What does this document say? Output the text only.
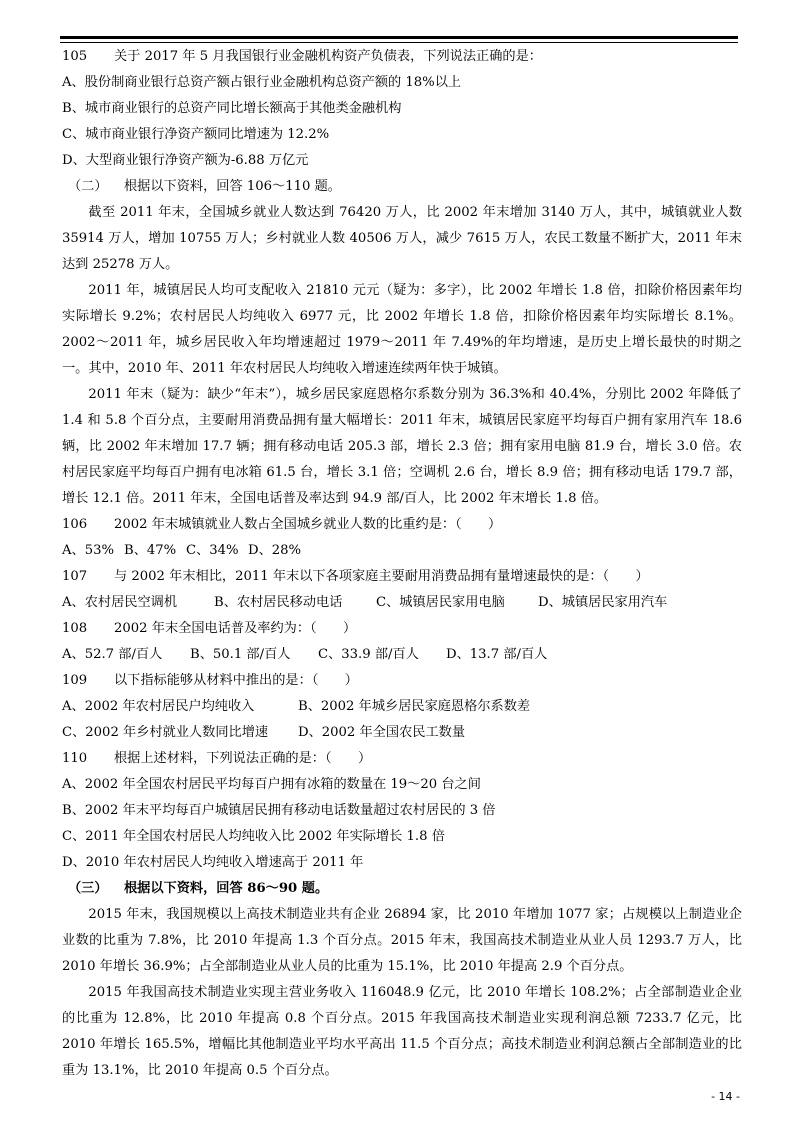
105 关于 2017 年 5 月我国银行业金融机构资产负债表，下列说法正确的是：
A、股份制商业银行总资产额占银行业金融机构总资产额的 18%以上
B、城市商业银行的总资产同比增长额高于其他类金融机构
C、城市商业银行净资产额同比增速为 12.2%
D、大型商业银行净资产额为-6.88 万亿元
（二） 根据以下资料，回答 106～110 题。
截至 2011 年末，全国城乡就业人数达到 76420 万人，比 2002 年末增加 3140 万人，其中，城镇就业人数 35914 万人，增加 10755 万人；乡村就业人数 40506 万人，减少 7615 万人，农民工数量不断扩大，2011 年末达到 25278 万人。
2011 年，城镇居民人均可支配收入 21810 元元（疑为：多字），比 2002 年增长 1.8 倍，扣除价格因素年均实际增长 9.2%；农村居民人均纯收入 6977 元，比 2002 年增长 1.8 倍，扣除价格因素年均实际增长 8.1%。2002～2011 年，城乡居民收入年均增速超过 1979～2011 年 7.49%的年均增速，是历史上增长最快的时期之一。其中，2010 年、2011 年农村居民人均纯收入增速连续两年快于城镇。
2011 年末（疑为：缺少“年末”），城乡居民家庭恩格尔系数分别为 36.3%和 40.4%，分别比 2002 年降低了 1.4 和 5.8 个百分点，主要耐用消费品拥有量大幅增长：2011 年末，城镇居民家庭平均每百户拥有家用汽车 18.6 辆，比 2002 年末增加 17.7 辆；拥有移动电话 205.3 部，增长 2.3 倍；拥有家用电脑 81.9 台，增长 3.0 倍。农村居民家庭平均每百户拥有电冰箱 61.5 台，增长 3.1 倍；空调机 2.6 台，增长 8.9 倍；拥有移动电话 179.7 部，增长 12.1 倍。2011 年末，全国电话普及率达到 94.9 部/百人，比 2002 年末增长 1.8 倍。
106 2002 年末城镇就业人数占全国城乡就业人数的比重约是：（　　）
A、53% B、47% C、34% D、28%
107 与 2002 年末相比，2011 年末以下各项家庭主要耐用消费品拥有量增速最快的是：（　　）
A、农村居民空调机	B、农村居民移动电话	C、城镇居民家用电脑	D、城镇居民家用汽车
108 2002 年末全国电话普及率约为：（　　）
A、52.7 部/百人 B、50.1 部/百人 C、33.9 部/百人 D、13.7 部/百人
109 以下指标能够从材料中推出的是：（　　）
A、2002 年农村居民户均纯收入	B、2002 年城乡居民家庭恩格尔系数差
C、2002 年乡村就业人数同比增速 D、2002 年全国农民工数量
110 根据上述材料，下列说法正确的是：（　　）
A、2002 年全国农村居民平均每百户拥有冰箱的数量在 19～20 台之间
B、2002 年末平均每百户城镇居民拥有移动电话数量超过农村居民的 3 倍
C、2011 年全国农村居民人均纯收入比 2002 年实际增长 1.8 倍
D、2010 年农村居民人均纯收入增速高于 2011 年
（三） 根据以下资料，回答 86～90 题。
2015 年末，我国规模以上高技术制造业共有企业 26894 家，比 2010 年增加 1077 家；占规模以上制造业企业数的比重为 7.8%，比 2010 年提高 1.3 个百分点。2015 年末，我国高技术制造业从业人员 1293.7 万人，比 2010 年增长 36.9%；占全部制造业从业人员的比重为 15.1%，比 2010 年提高 2.9 个百分点。
2015 年我国高技术制造业实现主营业务收入 116048.9 亿元，比 2010 年增长 108.2%；占全部制造业企业的比重为 12.8%，比 2010 年提高 0.8 个百分点。2015 年我国高技术制造业实现利润总额 7233.7 亿元，比 2010 年增长 165.5%，增幅比其他制造业平均水平高出 11.5 个百分点；高技术制造业利润总额占全部制造业的比重为 13.1%，比 2010 年提高 0.5 个百分点。
- 14 -
